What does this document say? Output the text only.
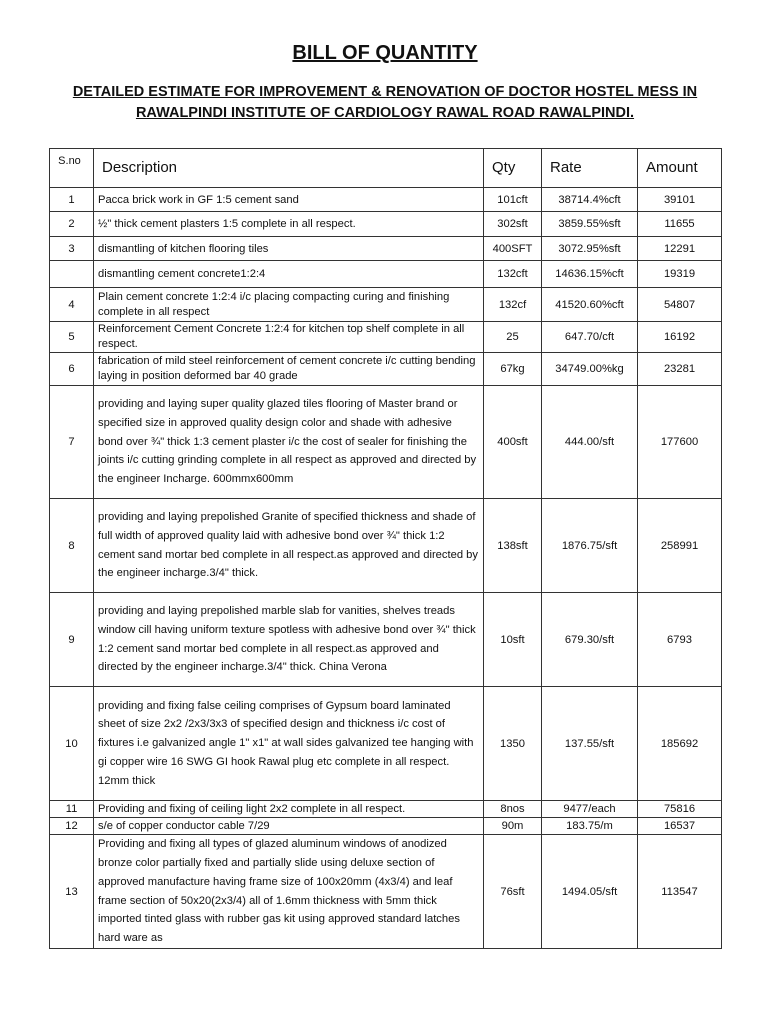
BILL OF QUANTITY
DETAILED ESTIMATE FOR IMPROVEMENT & RENOVATION OF DOCTOR HOSTEL MESS IN RAWALPINDI INSTITUTE OF CARDIOLOGY RAWAL ROAD RAWALPINDI.
S.no	Description	Qty	Rate	Amount
1	Pacca brick work in GF 1:5 cement sand	101cft	38714.4%cft	39101
2	½" thick cement plasters 1:5 complete in all respect.	302sft	3859.55%sft	11655
3	dismantling of kitchen flooring tiles	400SFT	3072.95%sft	12291
	dismantling cement concrete1:2:4	132cft	14636.15%cft	19319
4	Plain cement concrete 1:2:4 i/c placing compacting curing and finishing complete in all respect	132cf	41520.60%cft	54807
5	Reinforcement Cement Concrete 1:2:4 for kitchen top shelf complete in all respect.	25	647.70/cft	16192
6	fabrication of mild steel reinforcement of cement concrete i/c cutting bending laying in position deformed bar 40 grade	67kg	34749.00%kg	23281
7	providing and laying super quality glazed tiles flooring of Master brand or specified size in approved quality design color and shade with adhesive bond over ¾" thick 1:3 cement plaster i/c the cost of sealer for finishing the joints i/c cutting grinding complete in all respect as approved and directed by the engineer Incharge. 600mmx600mm	400sft	444.00/sft	177600
8	providing and laying prepolished Granite of specified thickness and shade of full width of approved quality laid with adhesive bond over ¾" thick 1:2 cement sand mortar bed complete in all respect.as approved and directed by the engineer incharge.3/4" thick.	138sft	1876.75/sft	258991
9	providing and laying prepolished marble slab for vanities, shelves treads window cill having uniform texture spotless with adhesive bond over ¾" thick 1:2 cement sand mortar bed complete in all respect.as approved and directed by the engineer incharge.3/4" thick. China Verona	10sft	679.30/sft	6793
10	providing and fixing false ceiling comprises of Gypsum board laminated sheet of size 2x2 /2x3/3x3 of specified design and thickness i/c cost of fixtures i.e galvanized angle 1" x1" at wall sides galvanized tee hanging with gi copper wire 16 SWG GI hook Rawal plug etc complete in all respect. 12mm thick	1350	137.55/sft	185692
11	Providing and fixing of ceiling light 2x2 complete in all respect.	8nos	9477/each	75816
12	s/e of copper conductor cable 7/29	90m	183.75/m	16537
13	Providing and fixing all types of glazed aluminum windows of anodized bronze color partially fixed and partially slide using deluxe section of approved manufacture having frame size of 100x20mm (4x3/4) and leaf frame section of 50x20(2x3/4) all of 1.6mm thickness with 5mm thick imported tinted glass with rubber gas kit using approved standard latches hard ware as	76sft	1494.05/sft	113547
